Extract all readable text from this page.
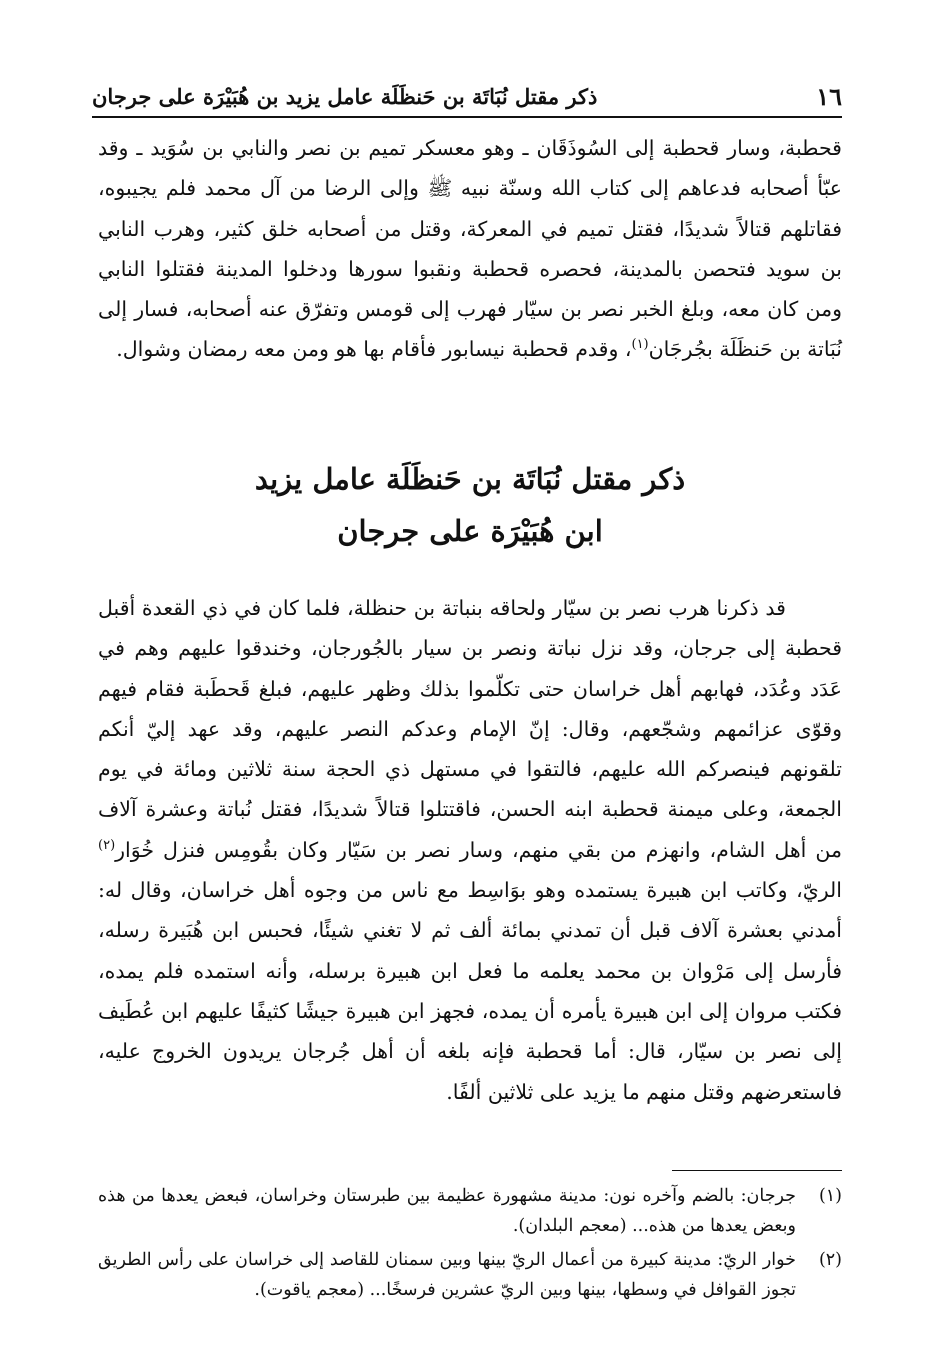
١٦
ذكر مقتل نُبَاتَة بن حَنظَلَة عامل يزيد بن هُبَيْرَة على جرجان

قحطبة، وسار قحطبة إلى السُوذَقَان ـ وهو معسكر تميم بن نصر والنابي بن سُوَيد ـ وقد عبّأ أصحابه فدعاهم إلى كتاب الله وسنّة نبيه ﷺ وإلى الرضا من آل محمد فلم يجيبوه، فقاتلهم قتالاً شديدًا، فقتل تميم في المعركة، وقتل من أصحابه خلق كثير، وهرب النابي بن سويد فتحصن بالمدينة، فحصره قحطبة ونقبوا سورها ودخلوا المدينة فقتلوا النابي ومن كان معه، وبلغ الخبر نصر بن سيّار فهرب إلى قومس وتفرّق عنه أصحابه، فسار إلى نُبَاتة بن حَنظَلَة بجُرجَان$^{(١)}$، وقدم قحطبة نيسابور فأقام بها هو ومن معه رمضان وشوال.

ذكر مقتل نُبَاتَة بن حَنظَلَة عامل يزيد
ابن هُبَيْرَة على جرجان

قد ذكرنا هرب نصر بن سيّار ولحاقه بنباتة بن حنظلة، فلما كان في ذي القعدة أقبل قحطبة إلى جرجان، وقد نزل نباتة ونصر بن سيار بالجُورجان، وخندقوا عليهم وهم في عَدَد وعُدَد، فهابهم أهل خراسان حتى تكلّموا بذلك وظهر عليهم، فبلغ قَحطَبة فقام فيهم وقوّى عزائمهم وشجّعهم، وقال: إنّ الإمام وعدكم النصر عليهم، وقد عهد إليّ أنكم تلقونهم فينصركم الله عليهم، فالتقوا في مستهل ذي الحجة سنة ثلاثين ومائة في يوم الجمعة، وعلى ميمنة قحطبة ابنه الحسن، فاقتتلوا قتالاً شديدًا، فقتل نُباتة وعشرة آلاف من أهل الشام، وانهزم من بقي منهم، وسار نصر بن سَيّار وكان بقُومِس فنزل خُوَار$^{(٢)}$ الريّ، وكاتب ابن هبيرة يستمده وهو بوَاسِط مع ناس من وجوه أهل خراسان، وقال له: أمدني بعشرة آلاف قبل أن تمدني بمائة ألف ثم لا تغني شيئًا، فحبس ابن هُبَيرة رسله، فأرسل إلى مَرْوان بن محمد يعلمه ما فعل ابن هبيرة برسله، وأنه استمده فلم يمده، فكتب مروان إلى ابن هبيرة يأمره أن يمده، فجهز ابن هبيرة جيشًا كثيفًا عليهم ابن عُطَيف إلى نصر بن سيّار، قال: أما قحطبة فإنه بلغه أن أهل جُرجان يريدون الخروج عليه، فاستعرضهم وقتل منهم ما يزيد على ثلاثين ألفًا.

(١)
جرجان: بالضم وآخره نون: مدينة مشهورة عظيمة بين طبرستان وخراسان، فبعض يعدها من هذه وبعض يعدها من هذه... (معجم البلدان).
(٢)
خوار الريّ: مدينة كبيرة من أعمال الريّ بينها وبين سمنان للقاصد إلى خراسان على رأس الطريق تجوز القوافل في وسطها، بينها وبين الريّ عشرين فرسخًا... (معجم ياقوت).
